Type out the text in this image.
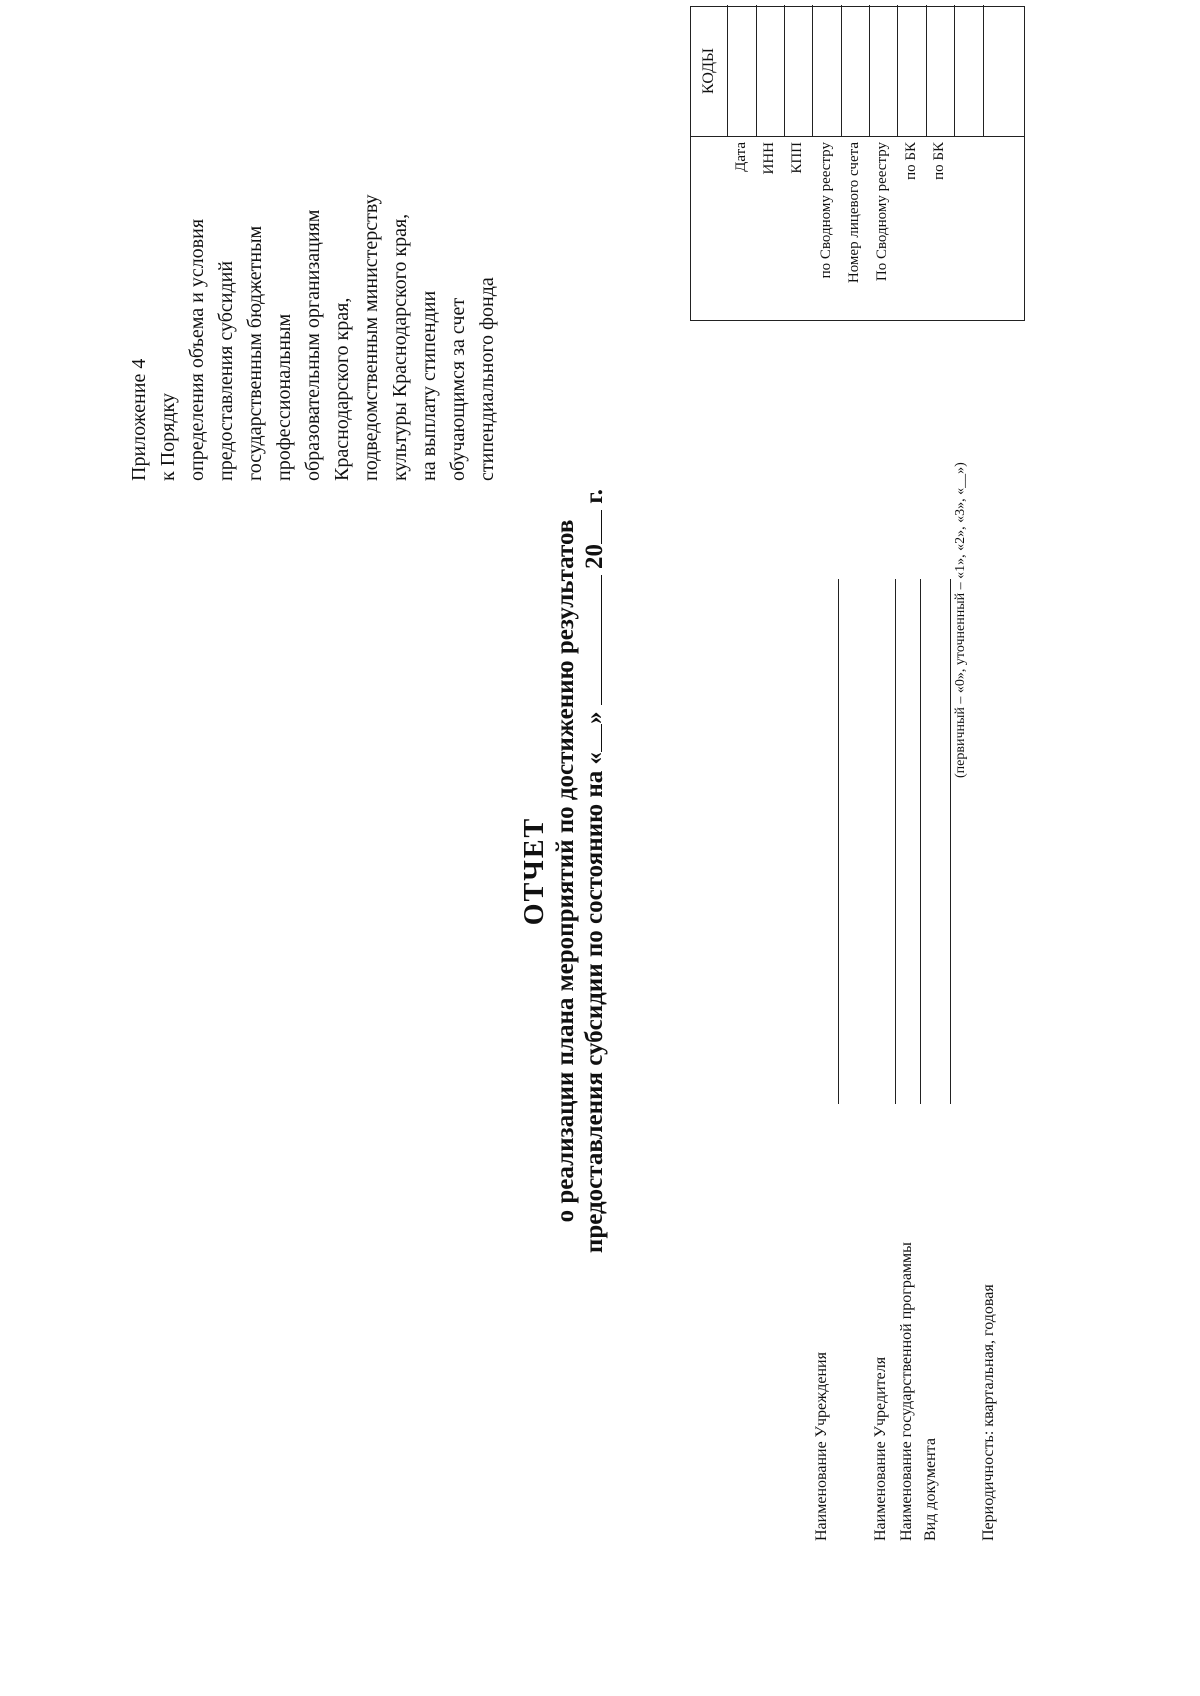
Приложение 4 к Порядку определения объема и условия предоставления субсидий государственным бюджетным профессиональным образовательным организациям Краснодарского края, подведомственным министерству культуры Краснодарского края, на выплату стипендии обучающимся за счет стипендиального фонда
ОТЧЕТ о реализации плана мероприятий по достижению результатов предоставления субсидии по состоянию на «»  20 г.
Наименование Учреждения	Наименование Учредителя Наименование государственной программы Вид документа
(первичный – «0», уточненный – «1», «2», «3», «__»)
Периодичность: квартальная, годовая
КОДЫ
Дата ИНН КПП по Сводному реестру Номер лицевого счета По Сводному реестру по БК по БК
